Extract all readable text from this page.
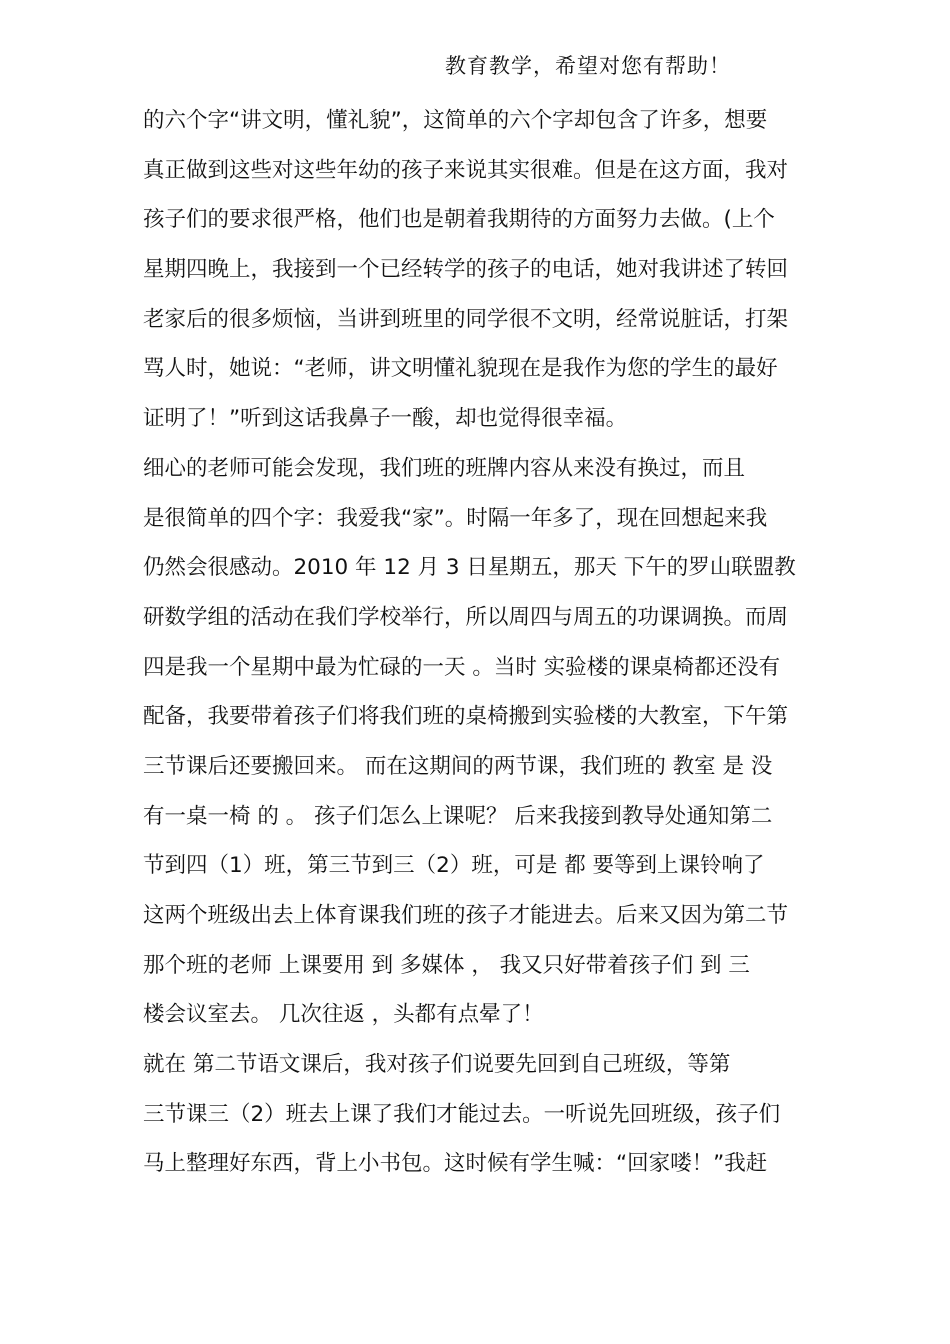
教育教学，希望对您有帮助！
的六个字“讲文明，懂礼貌”，这简单的六个字却包含了许多，想要
真正做到这些对这些年幼的孩子来说其实很难。但是在这方面，我对
孩子们的要求很严格，他们也是朝着我期待的方面努力去做。(上个
星期四晚上，我接到一个已经转学的孩子的电话，她对我讲述了转回
老家后的很多烦恼，当讲到班里的同学很不文明，经常说脏话，打架
骂人时，她说：“老师，讲文明懂礼貌现在是我作为您的学生的最好
证明了！”听到这话我鼻子一酸，却也觉得很幸福。
细心的老师可能会发现，我们班的班牌内容从来没有换过，而且
是很简单的四个字：我爱我“家”。时隔一年多了，现在回想起来我
仍然会很感动。2010 年 12 月 3 日星期五，那天 下午的罗山联盟教
研数学组的活动在我们学校举行，所以周四与周五的功课调换。而周
四是我一个星期中最为忙碌的一天 。当时 实验楼的课桌椅都还没有
配备，我要带着孩子们将我们班的桌椅搬到实验楼的大教室，下午第
三节课后还要搬回来。 而在这期间的两节课，我们班的 教室 是 没
有一桌一椅 的 。 孩子们怎么上课呢？ 后来我接到教导处通知第二
节到四（1）班，第三节到三（2）班，可是 都 要等到上课铃响了
这两个班级出去上体育课我们班的孩子才能进去。后来又因为第二节
那个班的老师 上课要用 到 多媒体 ， 我又只好带着孩子们 到 三
楼会议室去。 几次往返 ，头都有点晕了！
就在 第二节语文课后，我对孩子们说要先回到自己班级，等第
三节课三（2）班去上课了我们才能过去。一听说先回班级，孩子们
马上整理好东西，背上小书包。这时候有学生喊：“回家喽！”我赶
